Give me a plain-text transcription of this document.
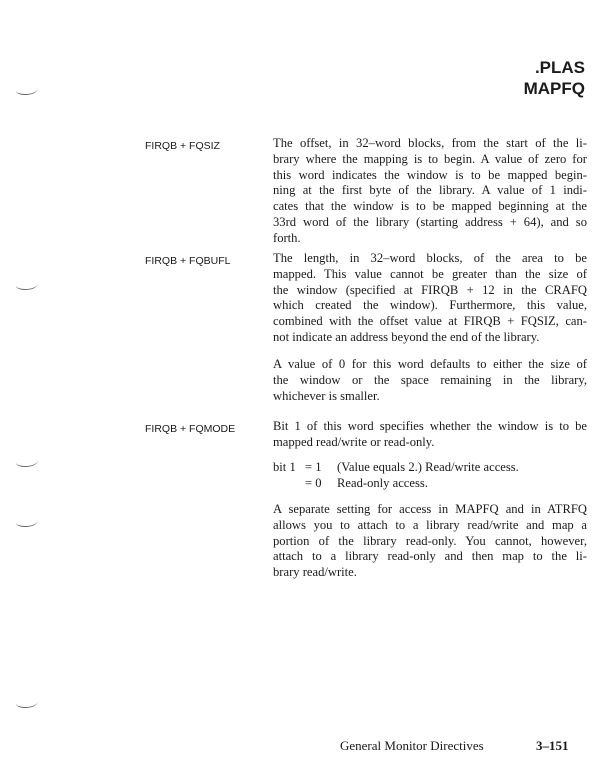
.PLAS
MAPFQ
FIRQB + FQSIZ	The offset, in 32–word blocks, from the start of the li-
brary where the mapping is to begin. A value of zero for
this word indicates the window is to be mapped begin-
ning at the first byte of the library. A value of 1 indi-
cates that the window is to be mapped beginning at the
33rd word of the library (starting address + 64), and so
forth.
FIRQB + FQBUFL	The length, in 32–word blocks, of the area to be
mapped. This value cannot be greater than the size of
the window (specified at FIRQB + 12 in the CRAFQ
which created the window). Furthermore, this value,
combined with the offset value at FIRQB + FQSIZ, can-
not indicate an address beyond the end of the library.
A value of 0 for this word defaults to either the size of
the window or the space remaining in the library,
whichever is smaller.
FIRQB + FQMODE	Bit 1 of this word specifies whether the window is to be
mapped read/write or read-only.
bit 1 = 1 (Value equals 2.) Read/write access.
= 0 Read-only access.
A separate setting for access in MAPFQ and in ATRFQ
allows you to attach to a library read/write and map a
portion of the library read-only. You cannot, however,
attach to a library read-only and then map to the li-
brary read/write.
General Monitor Directives	3–151
